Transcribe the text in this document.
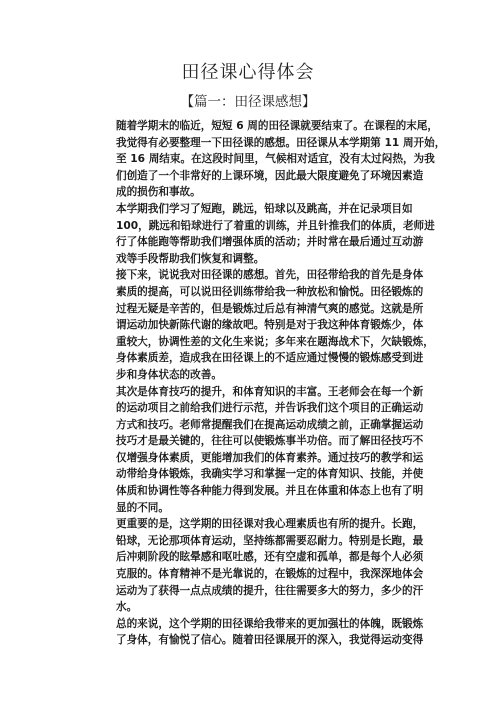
田径课心得体会
【篇一：田径课感想】
随着学期末的临近，短短 6 周的田径课就要结束了。在课程的末尾，
我觉得有必要整理一下田径课的感想。田径课从本学期第 11 周开始，
至 16 周结束。在这段时间里，气候相对适宜，没有太过闷热，为我
们创造了一个非常好的上课环境，因此最大限度避免了环境因素造
成的损伤和事故。
本学期我们学习了短跑，跳远，铅球以及跳高，并在记录项目如
100，跳远和铅球进行了着重的训练，并且针推我们的体质，老师进
行了体能跑等帮助我们增强体质的活动；并时常在最后通过互动游
戏等手段帮助我们恢复和调整。
接下来，说说我对田径课的感想。首先，田径带给我的首先是身体
素质的提高，可以说田径训练带给我一种放松和愉悦。田径锻炼的
过程无疑是辛苦的，但是锻炼过后总有神清气爽的感觉。这就是所
谓运动加快新陈代谢的缘故吧。特别是对于我这种体育锻炼少，体
重较大，协调性差的文化生来说；多年来在题海战术下，欠缺锻炼，
身体素质差，造成我在田径课上的不适应通过慢慢的锻炼感受到进
步和身体状态的改善。
其次是体育技巧的提升，和体育知识的丰富。王老师会在每一个新
的运动项目之前给我们进行示范，并告诉我们这个项目的正确运动
方式和技巧。老师常提醒我们在提高运动成绩之前，正确掌握运动
技巧才是最关键的，往往可以使锻炼事半功倍。而了解田径技巧不
仅增强身体素质，更能增加我们的体育素养。通过技巧的教学和运
动带给身体锻炼，我确实学习和掌握一定的体育知识、技能，并使
体质和协调性等各种能力得到发展。并且在体重和体态上也有了明
显的不同。
更重要的是，这学期的田径课对我心理素质也有所的提升。长跑，
铅球，无论那项体育运动，坚持练都需要忍耐力。特别是长跑，最
后冲刺阶段的眩晕感和呕吐感，还有空虚和孤单，都是每个人必须
克服的。体育精神不是光靠说的，在锻炼的过程中，我深深地体会
运动为了获得一点点成绩的提升，往往需要多大的努力，多少的汗
水。
总的来说，这个学期的田径课给我带来的更加强壮的体魄，既锻炼
了身体，有愉悦了信心。随着田径课展开的深入，我觉得运动变得
